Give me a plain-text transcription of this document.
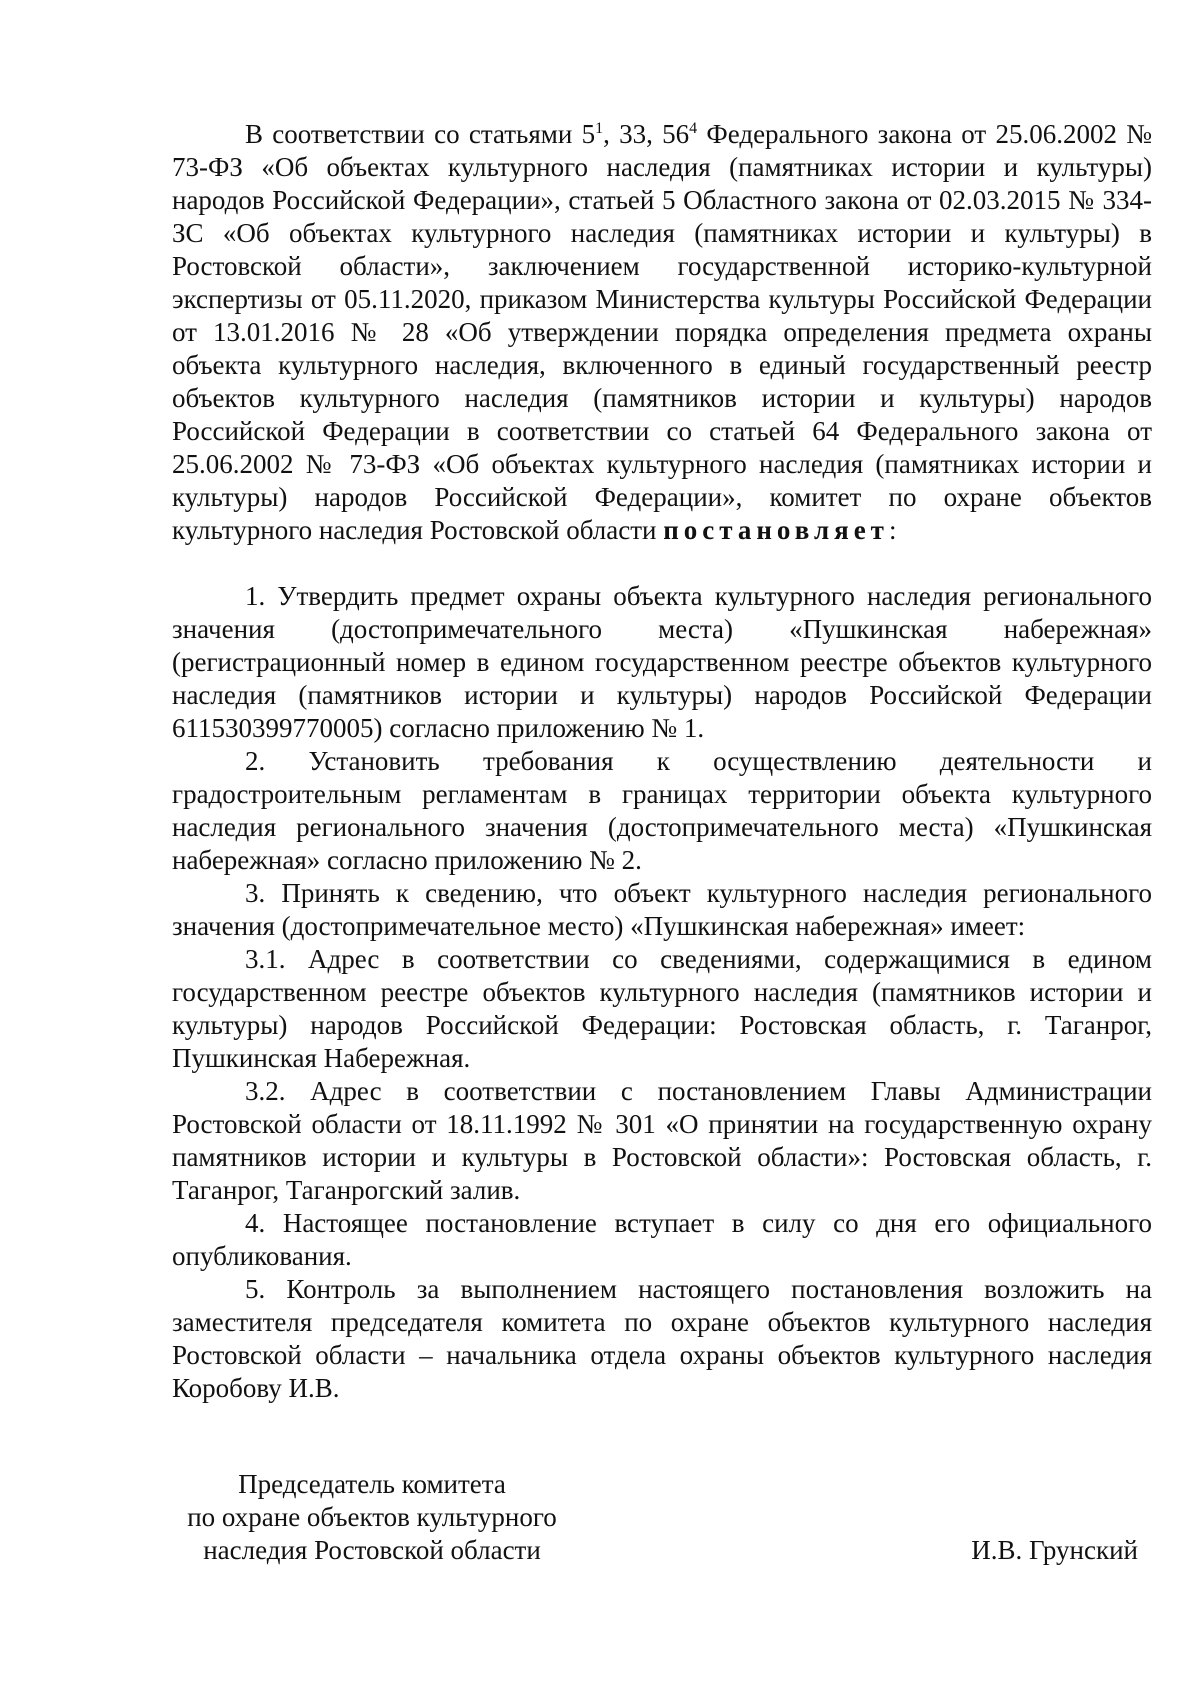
В соответствии со статьями $5^1$, 33, $56^4$ Федерального закона от 25.06.2002 № 73-ФЗ «Об объектах культурного наследия (памятниках истории и культуры) народов Российской Федерации», статьей 5 Областного закона от 02.03.2015 № 334-ЗС «Об объектах культурного наследия (памятниках истории и культуры) в Ростовской области», заключением государственной историко-культурной экспертизы от 05.11.2020, приказом Министерства культуры Российской Федерации от 13.01.2016 № 28 «Об утверждении порядка определения предмета охраны объекта культурного наследия, включенного в единый государственный реестр объектов культурного наследия (памятников истории и культуры) народов Российской Федерации в соответствии со статьей 64 Федерального закона от 25.06.2002 № 73-ФЗ «Об объектах культурного наследия (памятниках истории и культуры) народов Российской Федерации», комитет по охране объектов культурного наследия Ростовской области постановляет:

1. Утвердить предмет охраны объекта культурного наследия регионального значения (достопримечательного места) «Пушкинская набережная» (регистрационный номер в едином государственном реестре объектов культурного наследия (памятников истории и культуры) народов Российской Федерации 611530399770005) согласно приложению № 1.

2. Установить требования к осуществлению деятельности и градостроительным регламентам в границах территории объекта культурного наследия регионального значения (достопримечательного места) «Пушкинская набережная» согласно приложению № 2.

3. Принять к сведению, что объект культурного наследия регионального значения (достопримечательное место) «Пушкинская набережная» имеет:

3.1. Адрес в соответствии со сведениями, содержащимися в едином государственном реестре объектов культурного наследия (памятников истории и культуры) народов Российской Федерации: Ростовская область, г. Таганрог, Пушкинская Набережная.

3.2. Адрес в соответствии с постановлением Главы Администрации Ростовской области от 18.11.1992 № 301 «О принятии на государственную охрану памятников истории и культуры в Ростовской области»: Ростовская область, г. Таганрог, Таганрогский залив.

4. Настоящее постановление вступает в силу со дня его официального опубликования.

5. Контроль за выполнением настоящего постановления возложить на заместителя председателя комитета по охране объектов культурного наследия Ростовской области – начальника отдела охраны объектов культурного наследия Коробову И.В.

Председатель комитета
по охране объектов культурного
наследия Ростовской области	И.В. Грунский
